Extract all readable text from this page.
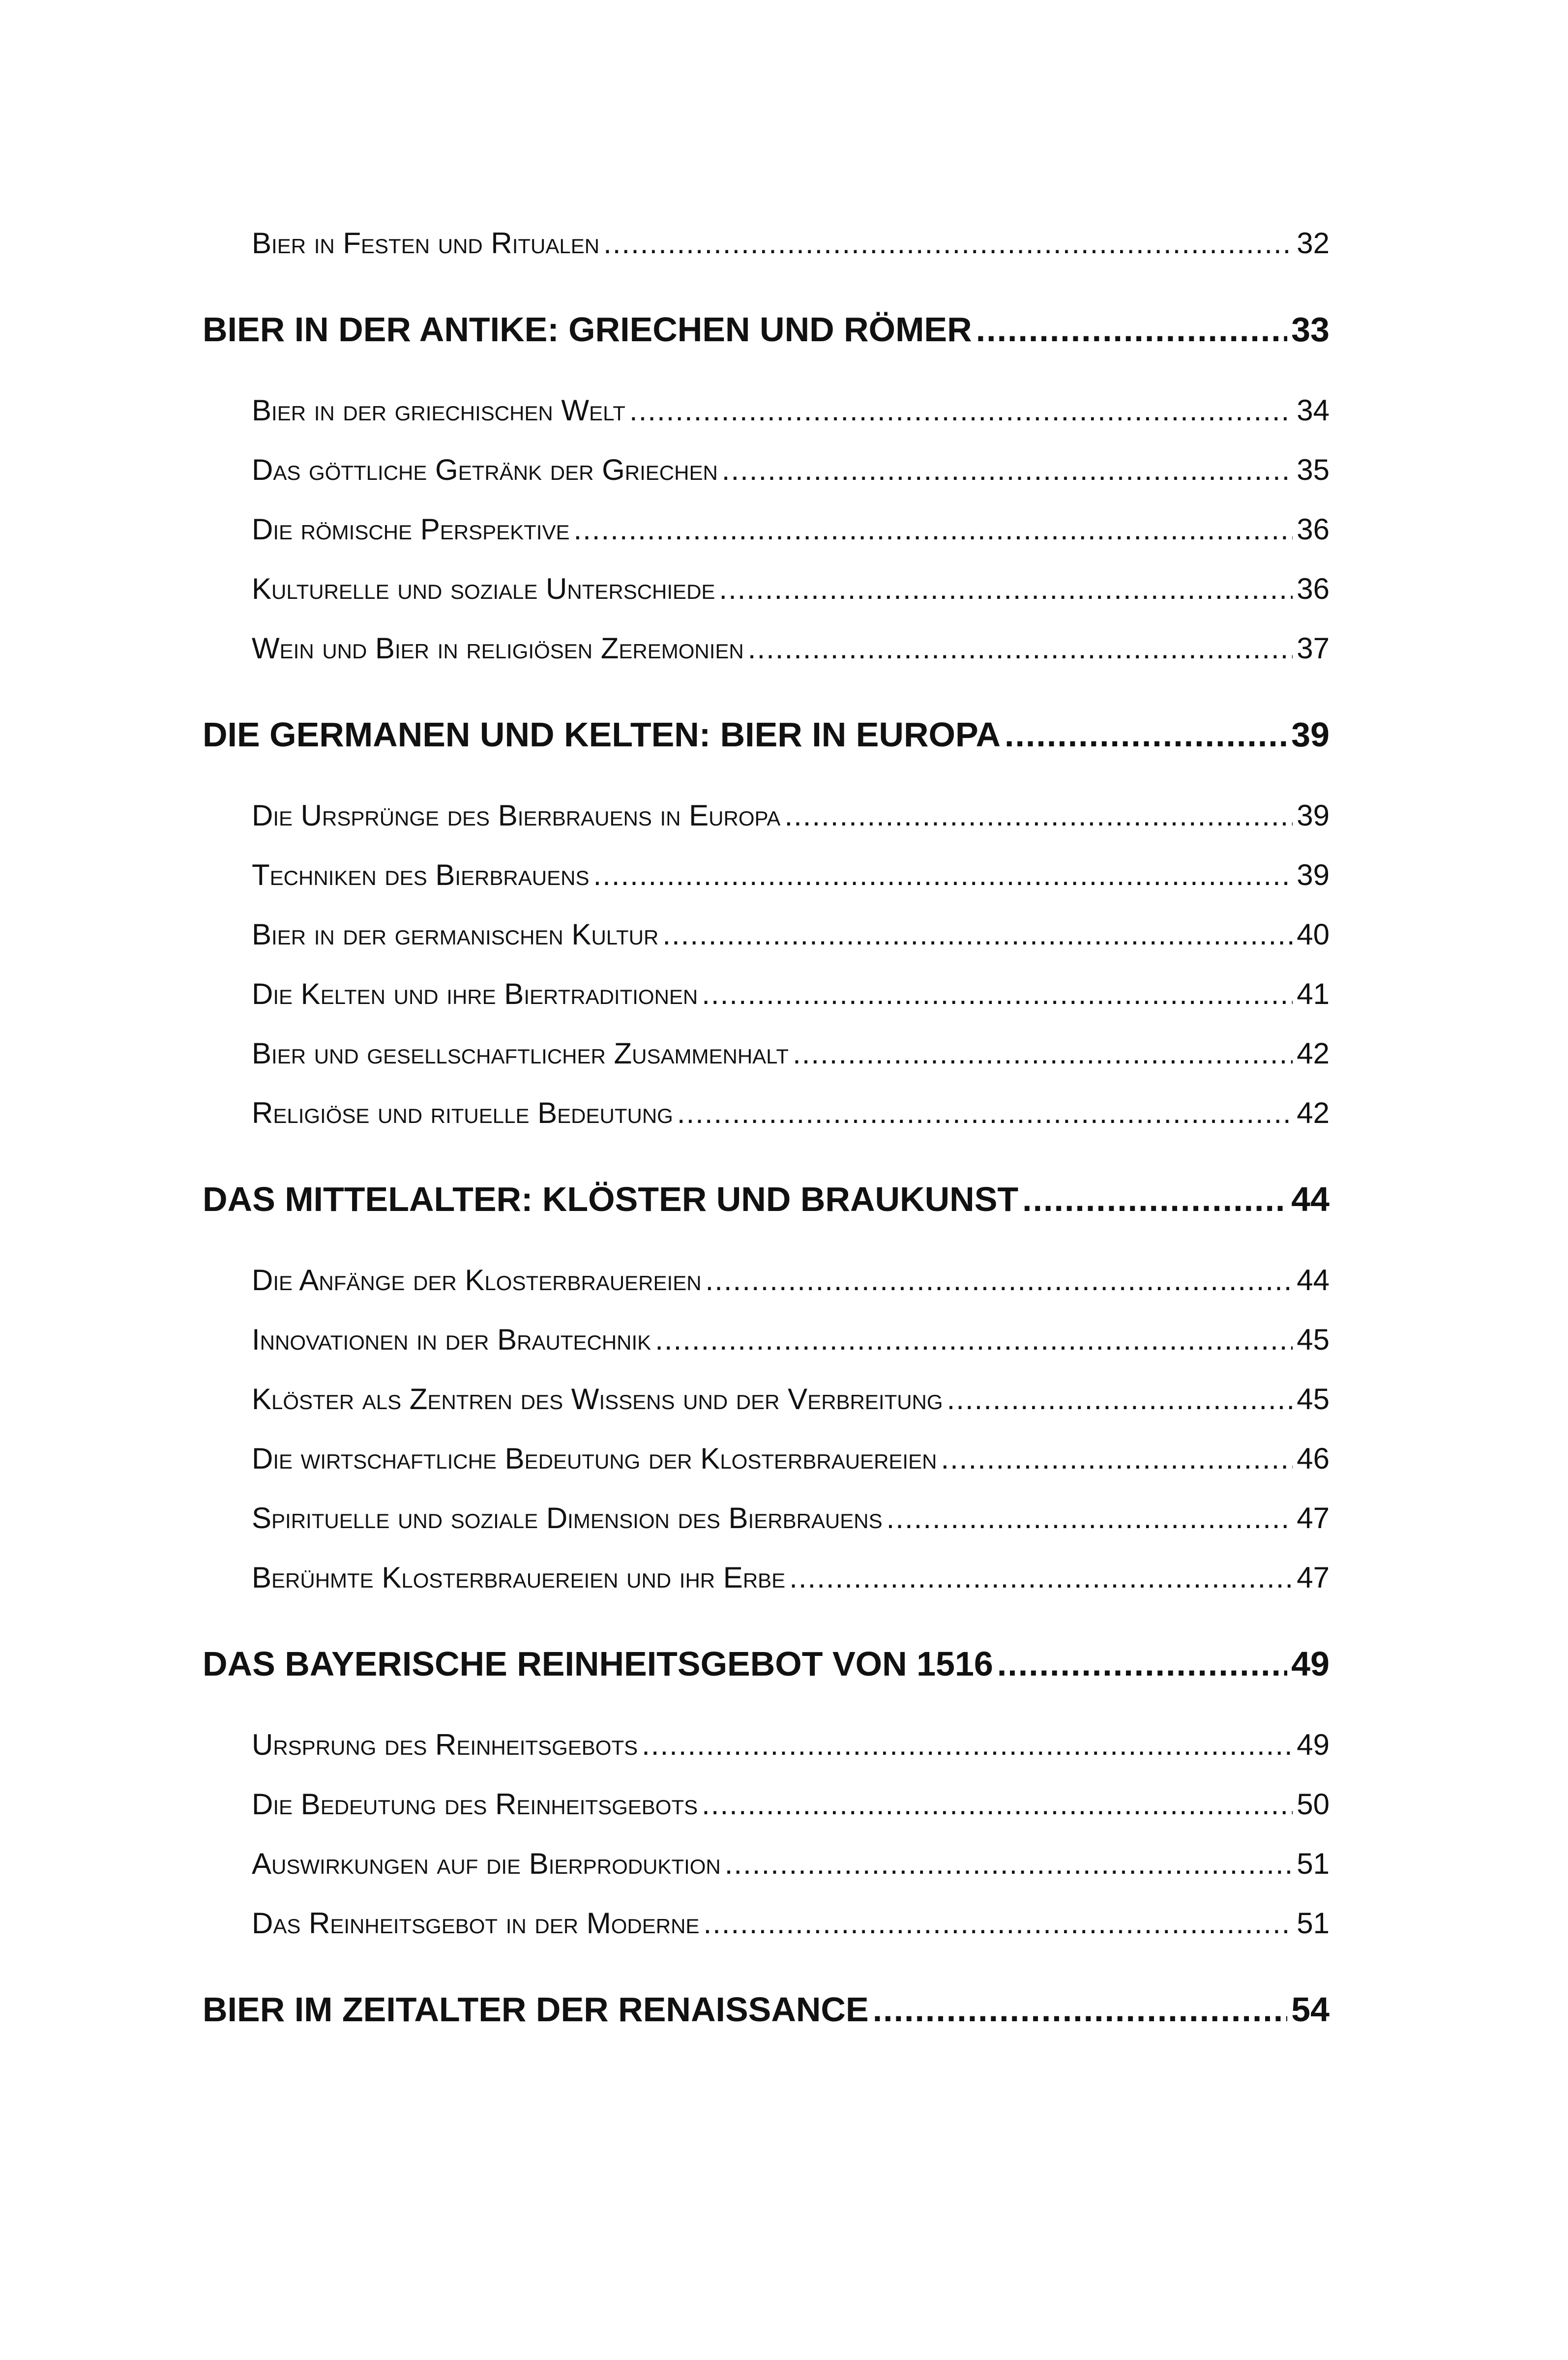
Bier in Festen und Ritualen .....	32
BIER IN DER ANTIKE: GRIECHEN UND RÖMER .....	33
Bier in der griechischen Welt .....	34
Das göttliche Getränk der Griechen .....	35
Die römische Perspektive .....	36
Kulturelle und soziale Unterschiede .....	36
Wein und Bier in religiösen Zeremonien .....	37
DIE GERMANEN UND KELTEN: BIER IN EUROPA .....	39
Die Ursprünge des Bierbrauens in Europa .....	39
Techniken des Bierbrauens .....	39
Bier in der germanischen Kultur .....	40
Die Kelten und ihre Biertraditionen .....	41
Bier und gesellschaftlicher Zusammenhalt .....	42
Religiöse und rituelle Bedeutung .....	42
DAS MITTELALTER: KLÖSTER UND BRAUKUNST .....	44
Die Anfänge der Klosterbrauereien .....	44
Innovationen in der Brautechnik .....	45
Klöster als Zentren des Wissens und der Verbreitung .....	45
Die wirtschaftliche Bedeutung der Klosterbrauereien .....	46
Spirituelle und soziale Dimension des Bierbrauens .....	47
Berühmte Klosterbrauereien und ihr Erbe .....	47
DAS BAYERISCHE REINHEITSGEBOT VON 1516 .....	49
Ursprung des Reinheitsgebots .....	49
Die Bedeutung des Reinheitsgebots .....	50
Auswirkungen auf die Bierproduktion .....	51
Das Reinheitsgebot in der Moderne .....	51
BIER IM ZEITALTER DER RENAISSANCE .....	54
